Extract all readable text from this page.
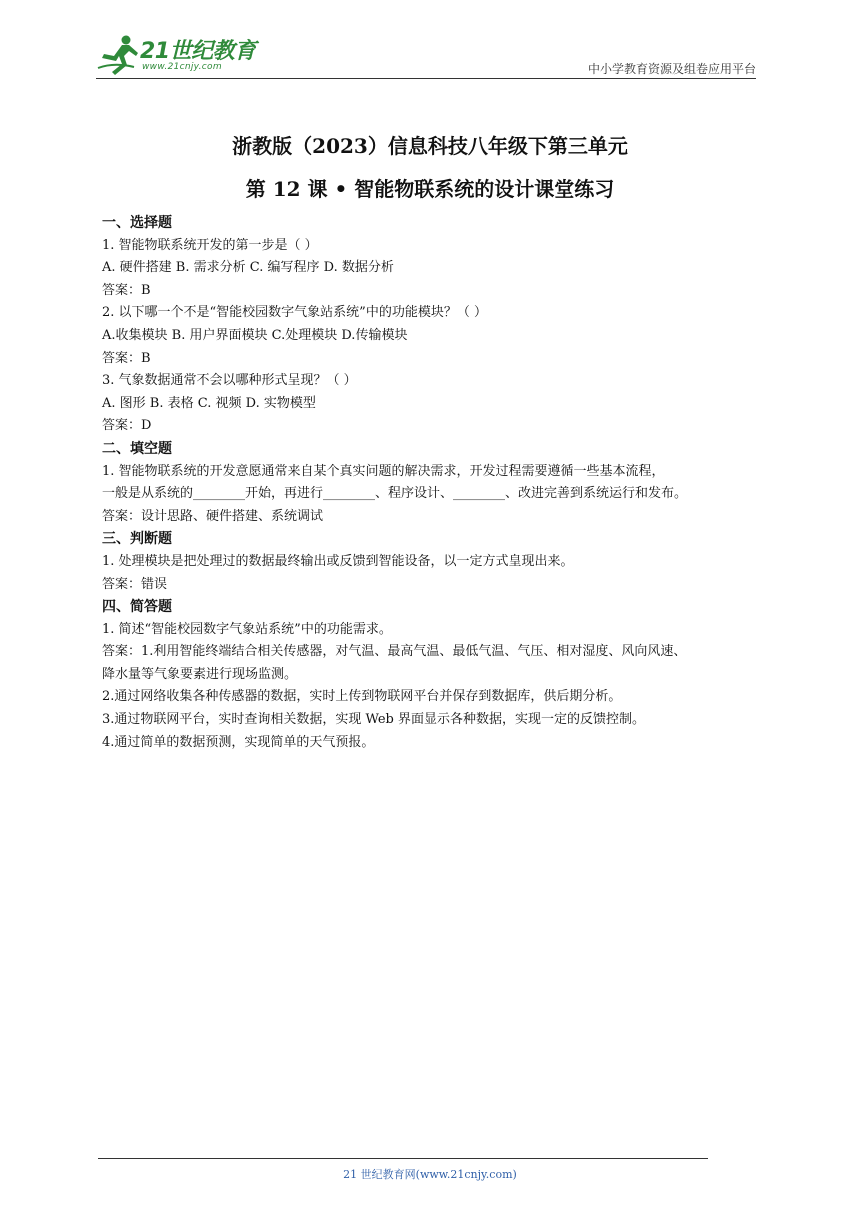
21世纪教育
www.21cnjy.com	中小学教育资源及组卷应用平台
浙教版（2023）信息科技八年级下第三单元
第 12 课 • 智能物联系统的设计课堂练习
一、选择题
1. 智能物联系统开发的第一步是（ ）
A. 硬件搭建 B. 需求分析 C. 编写程序 D. 数据分析
答案：B
2. 以下哪一个不是“智能校园数字气象站系统”中的功能模块？（ ）
A.收集模块 B. 用户界面模块 C.处理模块 D.传输模块
答案：B
3. 气象数据通常不会以哪种形式呈现？（ ）
A. 图形 B. 表格 C. 视频 D. 实物模型
答案：D
二、填空题
1. 智能物联系统的开发意愿通常来自某个真实问题的解决需求，开发过程需要遵循一些基本流程，
一般是从系统的________开始，再进行________、程序设计、________、改进完善到系统运行和发布。
答案：设计思路、硬件搭建、系统调试
三、判断题
1. 处理模块是把处理过的数据最终输出或反馈到智能设备，以一定方式皇现出来。
答案：错误
四、简答题
1. 简述“智能校园数字气象站系统”中的功能需求。
答案：1.利用智能终端结合相关传感器，对气温、最高气温、最低气温、气压、相对湿度、风向风速、
降水量等气象要素进行现场监测。
2.通过网络收集各种传感器的数据，实时上传到物联网平台并保存到数据库，供后期分析。
3.通过物联网平台，实时查询相关数据，实现 Web 界面显示各种数据，实现一定的反馈控制。
4.通过简单的数据预测，实现简单的天气预报。
21 世纪教育网(www.21cnjy.com)
